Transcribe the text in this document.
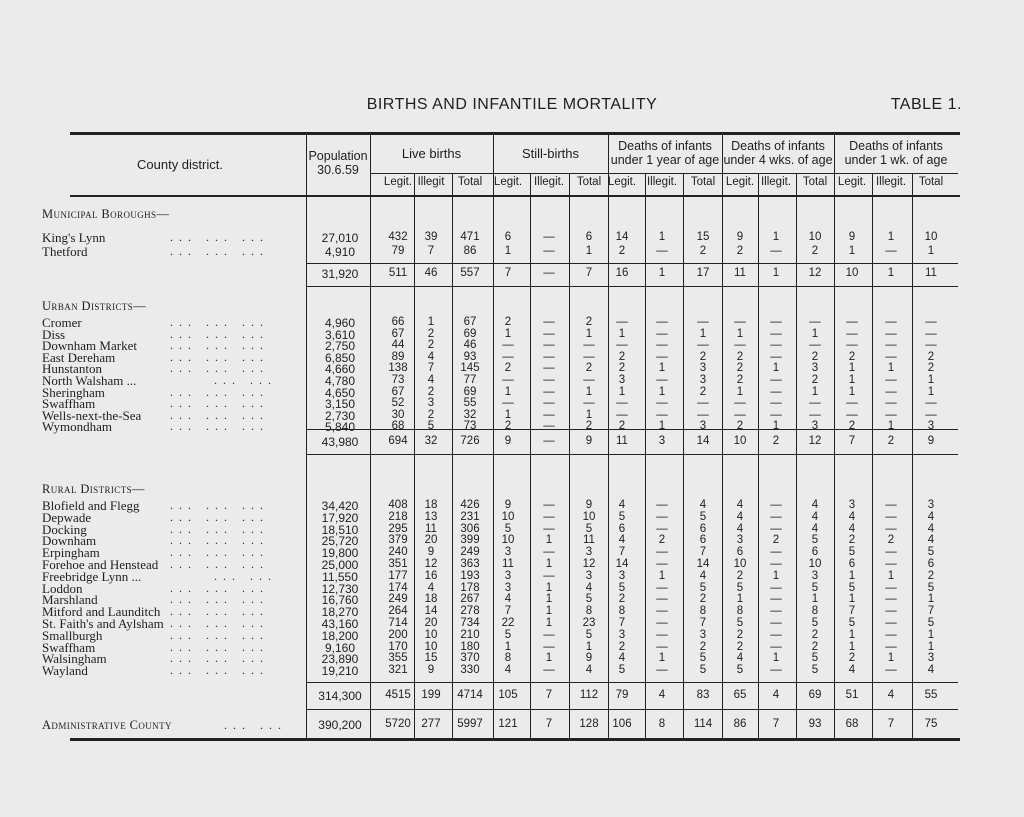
BIRTHS AND INFANTILE MORTALITY	TABLE 1.
County district.
Population
30.6.59
Live births	Still-births	Deaths of infants
under 1 year of age
Deaths of infants
under 4 wks. of age
Deaths of infants
under 1 wk. of age
Legit. Illegit	Total	Legit.	Illegit.	Total Legit. Illegit.	Total Legit. Illegit.	Total Legit. Illegit.	Total
Municipal Boroughs—
King's Lynn	... ... ...	27,010	432	39	471	6	—	6	14	1	15	9	1	10	9	1	10
Thetford	... ... ...	4,910	79	7	86	1	—	1	2	—	2	2	—	2	1	—	1
31,920	511	46	557	7	—	7	16	1	17	11	1	12	10	1	11
Urban Districts—
Cromer	... ... ...	4,960	66	1	67	2	—	2	—	—	—	—	—	—	—	—	—
Diss	... ... ...	3,610	67	2	69	1	—	1	1	—	1	1	—	1	—	—	—
Downham Market	... ... ...	2,750	44	2	46	—	—	—	—	—	—	—	—	—	—	—	—
East Dereham	... ... ...	6,850	89	4	93	—	—	—	2	—	2	2	—	2	2	—	2
Hunstanton	... ... ...	4,660	138	7	145	2	—	2	2	1	3	2	1	3	1	1	2
North Walsham ...	... ...	4,780	73	4	77	—	—	—	3	—	3	2	—	2	1	—	1
Sheringham	... ... ...	4,650	67	2	69	1	—	1	1	1	2	1	—	1	1	—	1
Swaffham	... ... ...	3,150	52	3	55	—	—	—	—	—	—	—	—	—	—	—	—
Wells-next-the-Sea ... ... ...	2,730	30	2	32	1	—	1	—	—	—	—	—	—	—	—	—
Wymondham	... ... ...	5,840	68	5	73	2	—	2	2	1	3	2	1	3	2	1	3
43,980	694	32	726	9	—	9	11	3	14	10	2	12	7	2	9
Rural Districts—
Blofield and Flegg	... ... ...	34,420	408	18	426	9	—	9	4	—	4	4	—	4	3	—	3
Depwade	... ... ...	17,920	218	13	231	10	—	10	5	—	5	4	—	4	4	—	4
Docking	... ... ...	18,510	295	11	306	5	—	5	6	—	6	4	—	4	4	—	4
Downham	... ... ...	25,720	379	20	399	10	1	11	4	2	6	3	2	5	2	2	4
Erpingham	... ... ...	19,800	240	9	249	3	—	3	7	—	7	6	—	6	5	—	5
Forehoe and Henstead ... ... ...	25,000	351	12	363	11	1	12	14	—	14	10	—	10	6	—	6
Freebridge Lynn ...	... ...	11,550	177	16	193	3	—	3	3	1	4	2	1	3	1	1	2
Loddon	... ... ...	12,730	174	4	178	3	1	4	5	—	5	5	—	5	5	—	5
Marshland	... ... ...	16,760	249	18	267	4	1	5	2	—	2	1	—	1	1	—	1
Mitford and Launditch ... ... ...	18,270	264	14	278	7	1	8	8	—	8	8	—	8	7	—	7
St. Faith's and Aylsham ... ... ...	43,160	714	20	734	22	1	23	7	—	7	5	—	5	5	—	5
Smallburgh	... ... ...	18,200	200	10	210	5	—	5	3	—	3	2	—	2	1	—	1
Swaffham	... ... ...	9,160	170	10	180	1	—	1	2	—	2	2	—	2	1	—	1
Walsingham	... ... ...	23,890	355	15	370	8	1	9	4	1	5	4	1	5	2	1	3
Wayland	... ... ...	19,210	321	9	330	4	—	4	5	—	5	5	—	5	4	—	4
314,300	4515 199	4714	105	7	112	79	4	83	65	4	69	51	4	55
Administrative County	... ...	390,200	5720 277	5997	121	7	128	106	8	114	86	7	93	68	7	75
